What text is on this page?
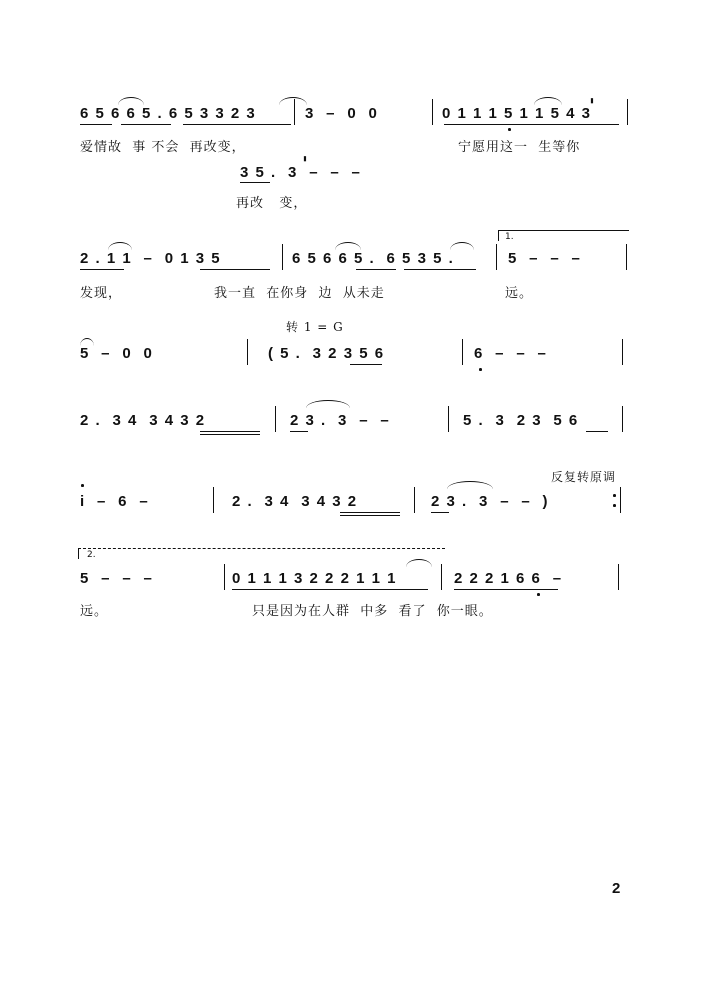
6 5 6 6 5 . 6 5 3 3 2 3	3  –  0  0	0 1 1 1 5 1 1 5 4 3
᱾᱾
爱情故  事 不会  再改变，	宁愿用这一  生等你
3 5 .  3  –  –  –
᱾᱾
再改   变，
1.
2 . 1 1  –  0 1 3 5	6 5 6 6 5 .  6 5 3 5 .	5  –  –  –
发现，	我一直  在你身  边  从未走	远。
转 1 = G
5  –  0  0	( 5 .  3 2 3 5 6	6  –  –  –
2 .  3 4  3 4 3 2	2 3 .  3  –  –	5 .  3  2 3  5 6
反复转原调
i  –  6  –	2 .  3 4  3 4 3 2	2 3 .  3  –  –  )
2.
5  –  –  –	0 1 1 1 3 2 2 2 1 1 1	2 2 2 1 6 6  –
远。	只是因为在人群  中多  看了  你一眼。
2
